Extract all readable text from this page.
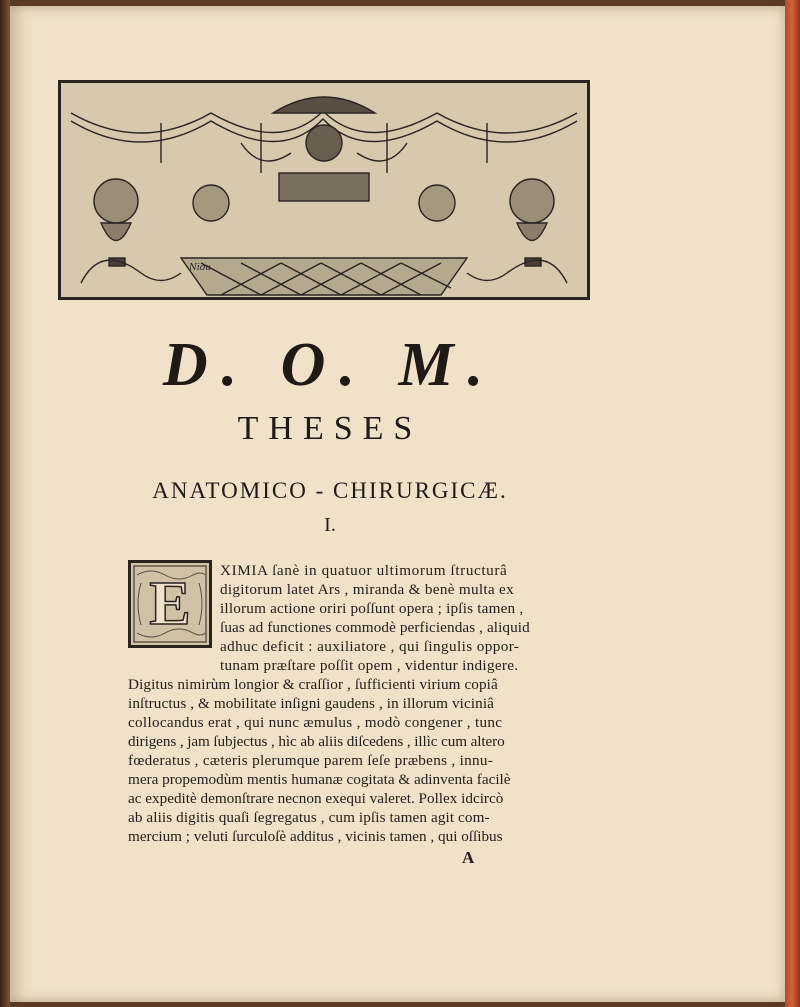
Niou
D. O. M.
THESES
ANATOMICO - CHIRURGICÆ.
I.
E	XIMIA ſanè in quatuor ultimorum ſtructurâ
digitorum latet Ars , miranda & benè multa ex
illorum actione oriri poſſunt opera ; ipſis tamen ,
ſuas ad functiones commodè perficiendas , aliquid
adhuc deficit : auxiliatore , qui ſingulis oppor-
tunam præſtare poſſit opem , videntur indigere.
Digitus nimirùm longior & craſſior , ſufficienti virium copiâ
inſtructus , & mobilitate inſigni gaudens , in illorum viciniâ
collocandus erat , qui nunc æmulus , modò congener , tunc
dirigens , jam ſubjectus , hìc ab aliis diſcedens , illìc cum altero
fœderatus , cæteris plerumque parem ſeſe præbens , innu-
mera propemodùm mentis humanæ cogitata & adinventa facilè
ac expeditè demonſtrare necnon exequi valeret. Pollex idcircò
ab aliis digitis quaſi ſegregatus , cum ipſis tamen agit com-
mercium ; veluti ſurculoſè additus , vicinis tamen , qui oſſibus
A
